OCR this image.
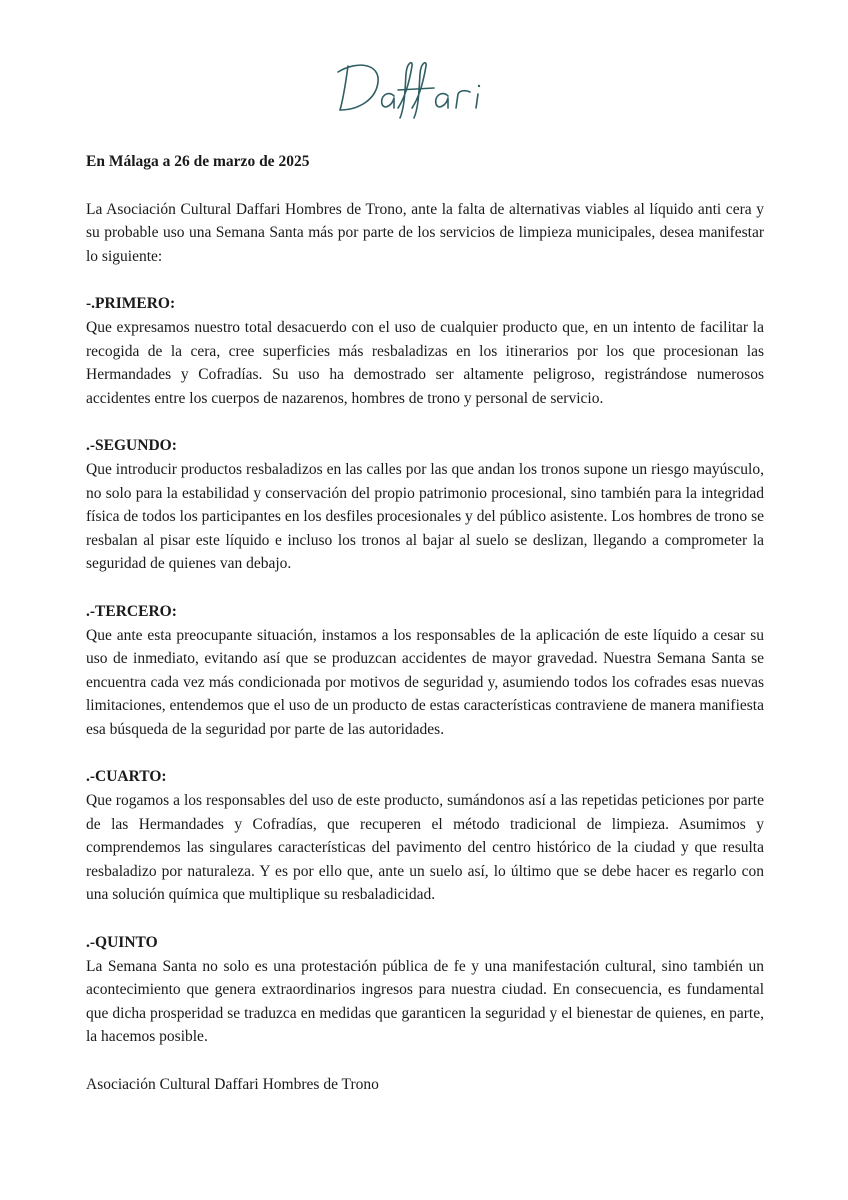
En Málaga a 26 de marzo de 2025

La Asociación Cultural Daffari Hombres de Trono, ante la falta de alternativas viables al líquido anti cera y su probable uso una Semana Santa más por parte de los servicios de limpieza municipales, desea manifestar lo siguiente:

-.PRIMERO:

Que expresamos nuestro total desacuerdo con el uso de cualquier producto que, en un intento de facilitar la recogida de la cera, cree superficies más resbaladizas en los itinerarios por los que procesionan las Hermandades y Cofradías. Su uso ha demostrado ser altamente peligroso, registrándose numerosos accidentes entre los cuerpos de nazarenos, hombres de trono y personal de servicio.

.-SEGUNDO:

Que introducir productos resbaladizos en las calles por las que andan los tronos supone un riesgo mayúsculo, no solo para la estabilidad y conservación del propio patrimonio procesional, sino también para la integridad física de todos los participantes en los desfiles procesionales y del público asistente. Los hombres de trono se resbalan al pisar este líquido e incluso los tronos al bajar al suelo se deslizan, llegando a comprometer la seguridad de quienes van debajo.

.-TERCERO:

Que ante esta preocupante situación, instamos a los responsables de la aplicación de este líquido a cesar su uso de inmediato, evitando así que se produzcan accidentes de mayor gravedad. Nuestra Semana Santa se encuentra cada vez más condicionada por motivos de seguridad y, asumiendo todos los cofrades esas nuevas limitaciones, entendemos que el uso de un producto de estas características contraviene de manera manifiesta esa búsqueda de la seguridad por parte de las autoridades.

.-CUARTO:

Que rogamos a los responsables del uso de este producto, sumándonos así a las repetidas peticiones por parte de las Hermandades y Cofradías, que recuperen el método tradicional de limpieza. Asumimos y comprendemos las singulares características del pavimento del centro histórico de la ciudad y que resulta resbaladizo por naturaleza. Y es por ello que, ante un suelo así, lo último que se debe hacer es regarlo con una solución química que multiplique su resbaladicidad.

.-QUINTO

La Semana Santa no solo es una protestación pública de fe y una manifestación cultural, sino también un acontecimiento que genera extraordinarios ingresos para nuestra ciudad. En consecuencia, es fundamental que dicha prosperidad se traduzca en medidas que garanticen la seguridad y el bienestar de quienes, en parte, la hacemos posible.

Asociación Cultural Daffari Hombres de Trono
